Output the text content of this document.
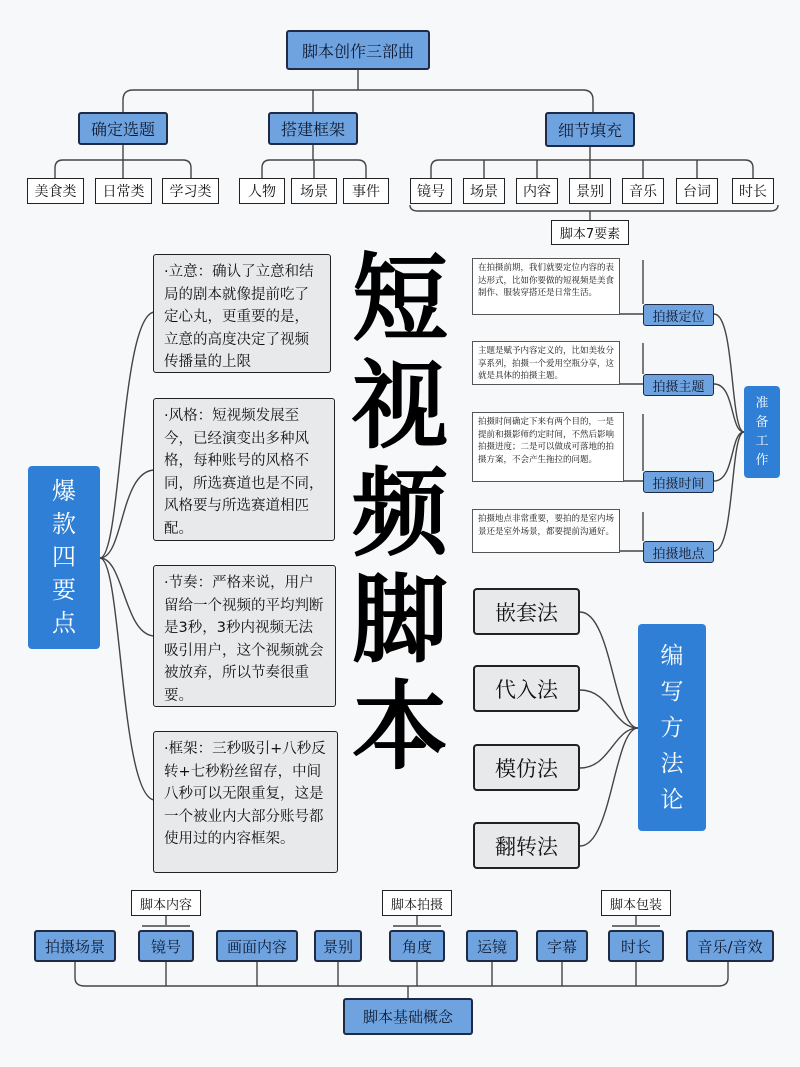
脚本创作三部曲
确定选题	搭建框架	细节填充
美食类	日常类	学习类	人物	场景	事件	镜号	场景	内容	景别	音乐	台词	时长
脚本7要素
短
视
频
脚
本
爆
款
四
要
点
·立意：确认了立意和结局的剧本就像提前吃了定心丸，更重要的是，立意的高度决定了视频传播量的上限
·风格：短视频发展至今，已经演变出多种风格，每种账号的风格不同，所选赛道也是不同，风格要与所选赛道相匹配。
·节奏：严格来说，用户留给一个视频的平均判断是3秒，3秒内视频无法吸引用户，这个视频就会被放弃，所以节奏很重要。
·框架：三秒吸引+八秒反转+七秒粉丝留存，中间八秒可以无限重复，这是一个被业内大部分账号都使用过的内容框架。
在拍摄前期，我们就要定位内容的表达形式，比如你要做的短视频是美食制作、服装穿搭还是日常生活。
拍摄定位
主题是赋予内容定义的，比如美妆分享系列，拍摄一个爱用空瓶分享，这就是具体的拍摄主题。
拍摄主题
拍摄时间确定下来有两个目的，一是提前和摄影师约定时间，不然后影响拍摄进度；二是可以做成可落地的拍摄方案，不会产生拖拉的问题。
拍摄时间
拍摄地点非常重要，要拍的是室内场景还是室外场景，都要提前沟通好。
拍摄地点
准
备
工
作
嵌套法
代入法
模仿法
翻转法
编
写
方
法
论
脚本内容	脚本拍摄	脚本包装
拍摄场景	镜号	画面内容	景别	角度	运镜	字幕	时长	音乐/音效
脚本基础概念
